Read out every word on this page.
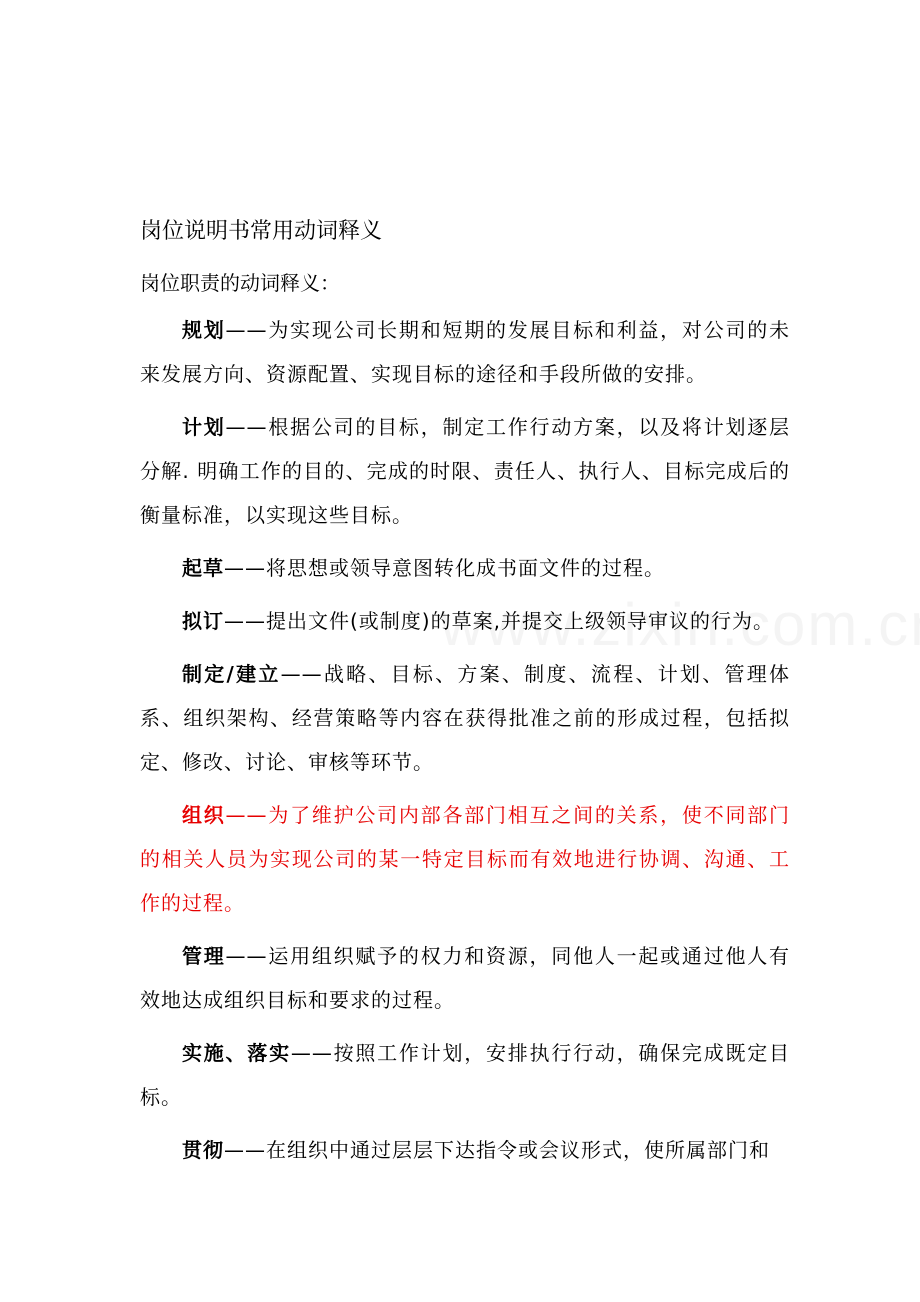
岗位说明书常用动词释义
岗位职责的动词释义：

规划——为实现公司长期和短期的发展目标和利益，对公司的未来发展方向、资源配置、实现目标的途径和手段所做的安排。

计划——根据公司的目标，制定工作行动方案，以及将计划逐层分解. 明确工作的目的、完成的时限、责任人、执行人、目标完成后的衡量标准，以实现这些目标。

起草——将思想或领导意图转化成书面文件的过程。

拟订——提出文件(或制度)的草案,并提交上级领导审议的行为。

制定/建立——战略、目标、方案、制度、流程、计划、管理体系、组织架构、经营策略等内容在获得批准之前的形成过程，包括拟定、修改、讨论、审核等环节。

组织——为了维护公司内部各部门相互之间的关系，使不同部门的相关人员为实现公司的某一特定目标而有效地进行协调、沟通、工作的过程。

管理——运用组织赋予的权力和资源，同他人一起或通过他人有效地达成组织目标和要求的过程。

实施、落实——按照工作计划，安排执行行动，确保完成既定目标。

贯彻——在组织中通过层层下达指令或会议形式，使所属部门和
